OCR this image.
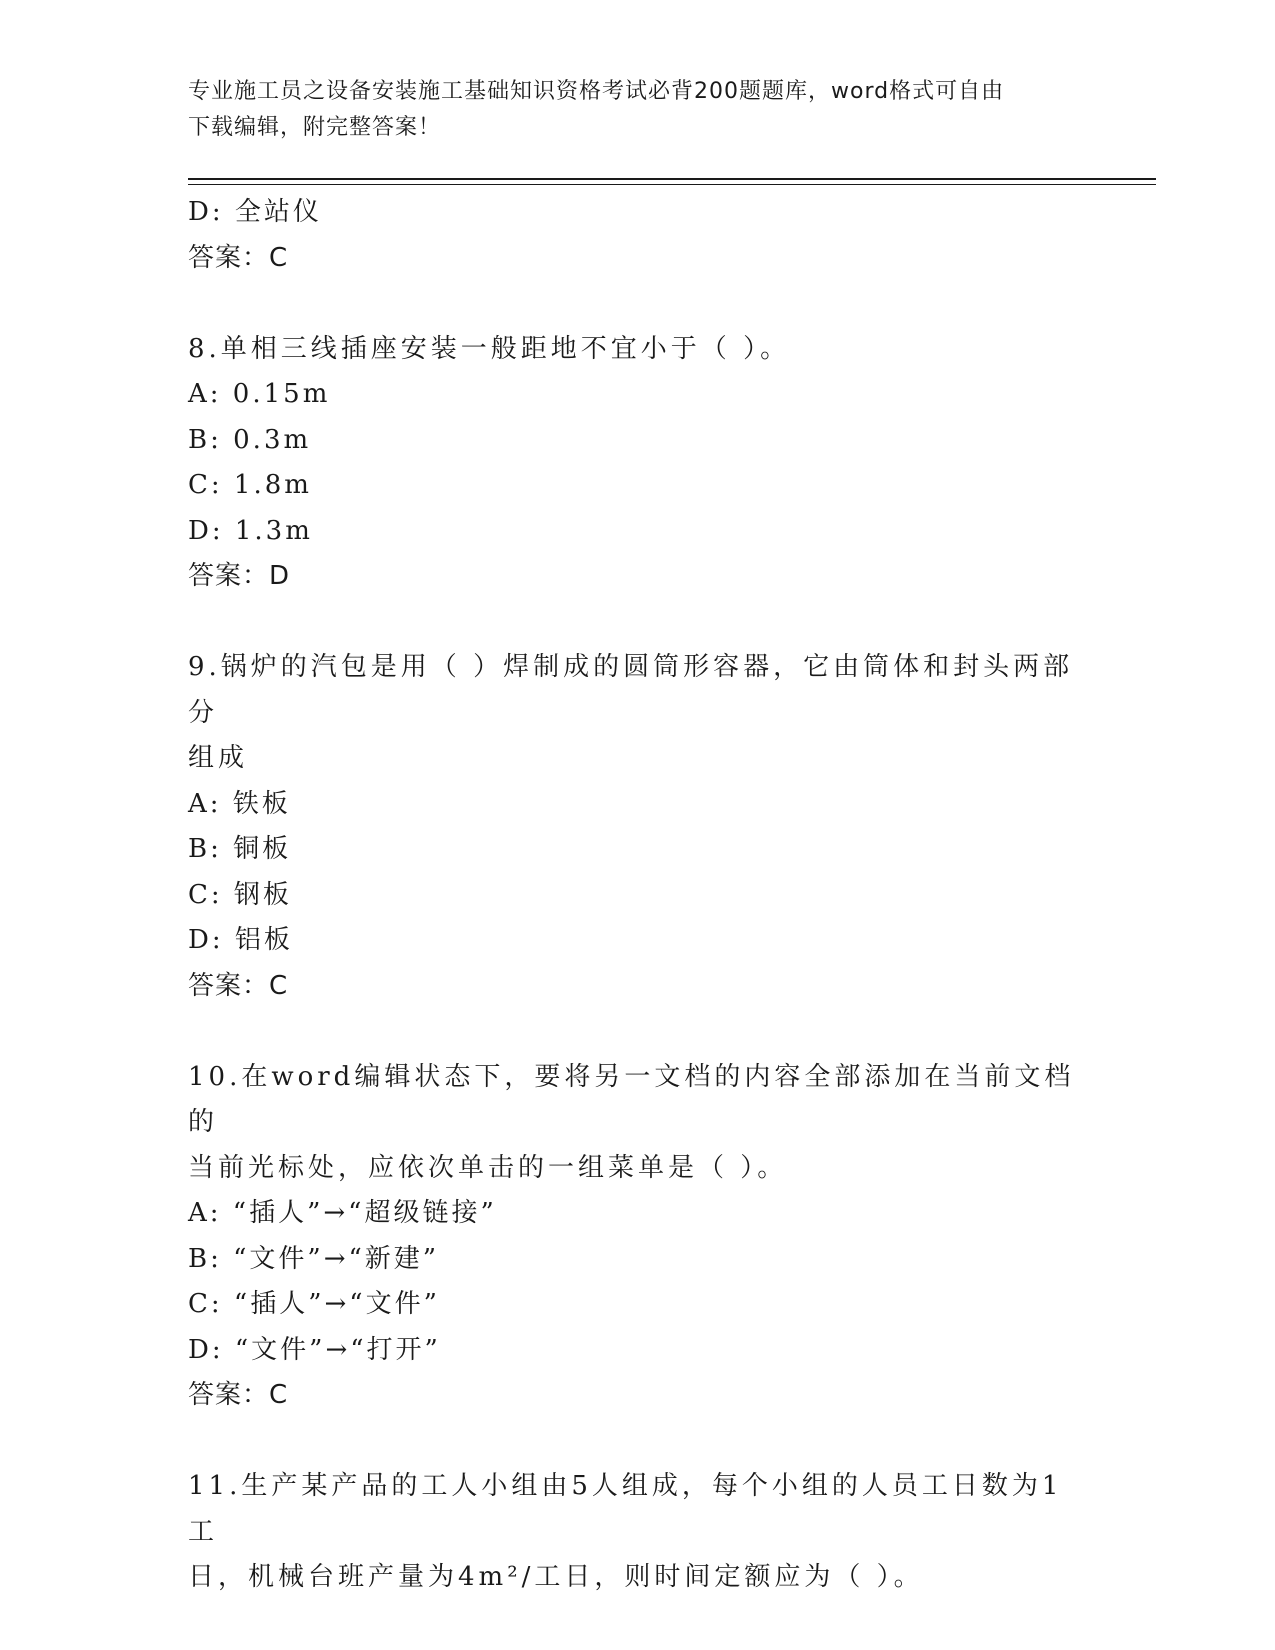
专业施工员之设备安装施工基础知识资格考试必背200题题库，word格式可自由
下载编辑，附完整答案！
D: 全站仪
答案：C
8.单相三线插座安装一般距地不宜小于（ ）。
A: 0.15m
B: 0.3m
C: 1.8m
D: 1.3m
答案：D
9.锅炉的汽包是用（ ）焊制成的圆筒形容器，它由筒体和封头两部分
组成
A: 铁板
B: 铜板
C: 钢板
D: 铝板
答案：C
10.在word编辑状态下，要将另一文档的内容全部添加在当前文档的
当前光标处，应依次单击的一组菜单是（ ）。
A: “插人”→“超级链接”
B: “文件”→“新建”
C: “插人”→“文件”
D: “文件”→“打开”
答案：C
11.生产某产品的工人小组由5人组成，每个小组的人员工日数为1工
日，机械台班产量为4m²/工日，则时间定额应为（ ）。
